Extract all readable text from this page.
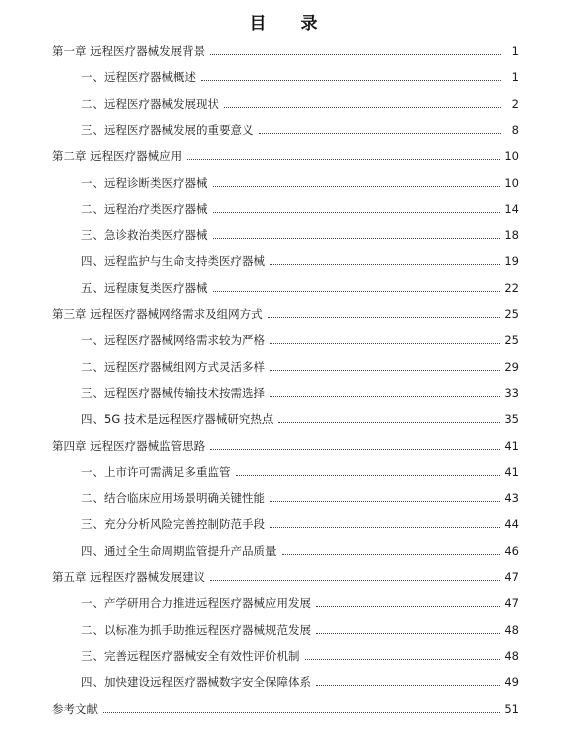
目 录
第一章 远程医疗器械发展背景	1
一、远程医疗器械概述	1
二、远程医疗器械发展现状	2
三、远程医疗器械发展的重要意义	8
第二章 远程医疗器械应用	10
一、远程诊断类医疗器械	10
二、远程治疗类医疗器械	14
三、急诊救治类医疗器械	18
四、远程监护与生命支持类医疗器械	19
五、远程康复类医疗器械	22
第三章 远程医疗器械网络需求及组网方式	25
一、远程医疗器械网络需求较为严格	25
二、远程医疗器械组网方式灵活多样	29
三、远程医疗器械传输技术按需选择	33
四、5G 技术是远程医疗器械研究热点	35
第四章 远程医疗器械监管思路	41
一、上市许可需满足多重监管	41
二、结合临床应用场景明确关键性能	43
三、充分分析风险完善控制防范手段	44
四、通过全生命周期监管提升产品质量	46
第五章 远程医疗器械发展建议	47
一、产学研用合力推进远程医疗器械应用发展	47
二、以标准为抓手助推远程医疗器械规范发展	48
三、完善远程医疗器械安全有效性评价机制	48
四、加快建设远程医疗器械数字安全保障体系	49
参考文献	51
